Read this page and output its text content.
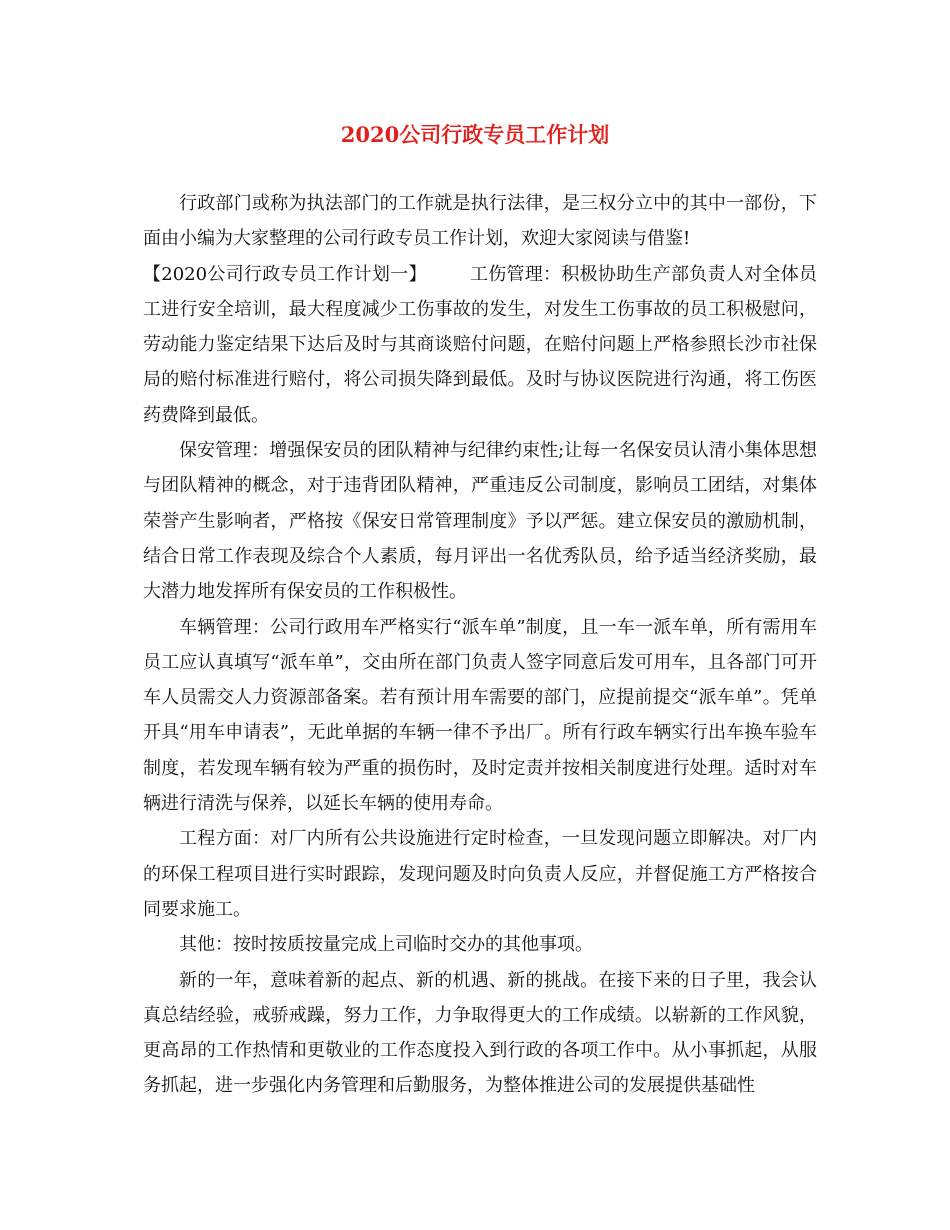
2020公司行政专员工作计划

行政部门或称为执法部门的工作就是执行法律，是三权分立中的其中一部份，下面由小编为大家整理的公司行政专员工作计划，欢迎大家阅读与借鉴!

【2020公司行政专员工作计划一】 工伤管理：积极协助生产部负责人对全体员工进行安全培训，最大程度减少工伤事故的发生，对发生工伤事故的员工积极慰问，劳动能力鉴定结果下达后及时与其商谈赔付问题，在赔付问题上严格参照长沙市社保局的赔付标准进行赔付，将公司损失降到最低。及时与协议医院进行沟通，将工伤医药费降到最低。

保安管理：增强保安员的团队精神与纪律约束性;让每一名保安员认清小集体思想与团队精神的概念，对于违背团队精神，严重违反公司制度，影响员工团结，对集体荣誉产生影响者，严格按《保安日常管理制度》予以严惩。建立保安员的激励机制，结合日常工作表现及综合个人素质，每月评出一名优秀队员，给予适当经济奖励，最大潜力地发挥所有保安员的工作积极性。

车辆管理：公司行政用车严格实行“派车单”制度，且一车一派车单，所有需用车员工应认真填写“派车单”，交由所在部门负责人签字同意后发可用车，且各部门可开车人员需交人力资源部备案。若有预计用车需要的部门，应提前提交“派车单”。凭单开具“用车申请表”，无此单据的车辆一律不予出厂。所有行政车辆实行出车换车验车制度，若发现车辆有较为严重的损伤时，及时定责并按相关制度进行处理。适时对车辆进行清洗与保养，以延长车辆的使用寿命。

工程方面：对厂内所有公共设施进行定时检查，一旦发现问题立即解决。对厂内的环保工程项目进行实时跟踪，发现问题及时向负责人反应，并督促施工方严格按合同要求施工。

其他：按时按质按量完成上司临时交办的其他事项。

新的一年，意味着新的起点、新的机遇、新的挑战。在接下来的日子里，我会认真总结经验，戒骄戒躁，努力工作，力争取得更大的工作成绩。以崭新的工作风貌，更高昂的工作热情和更敬业的工作态度投入到行政的各项工作中。从小事抓起，从服务抓起，进一步强化内务管理和后勤服务，为整体推进公司的发展提供基础性
